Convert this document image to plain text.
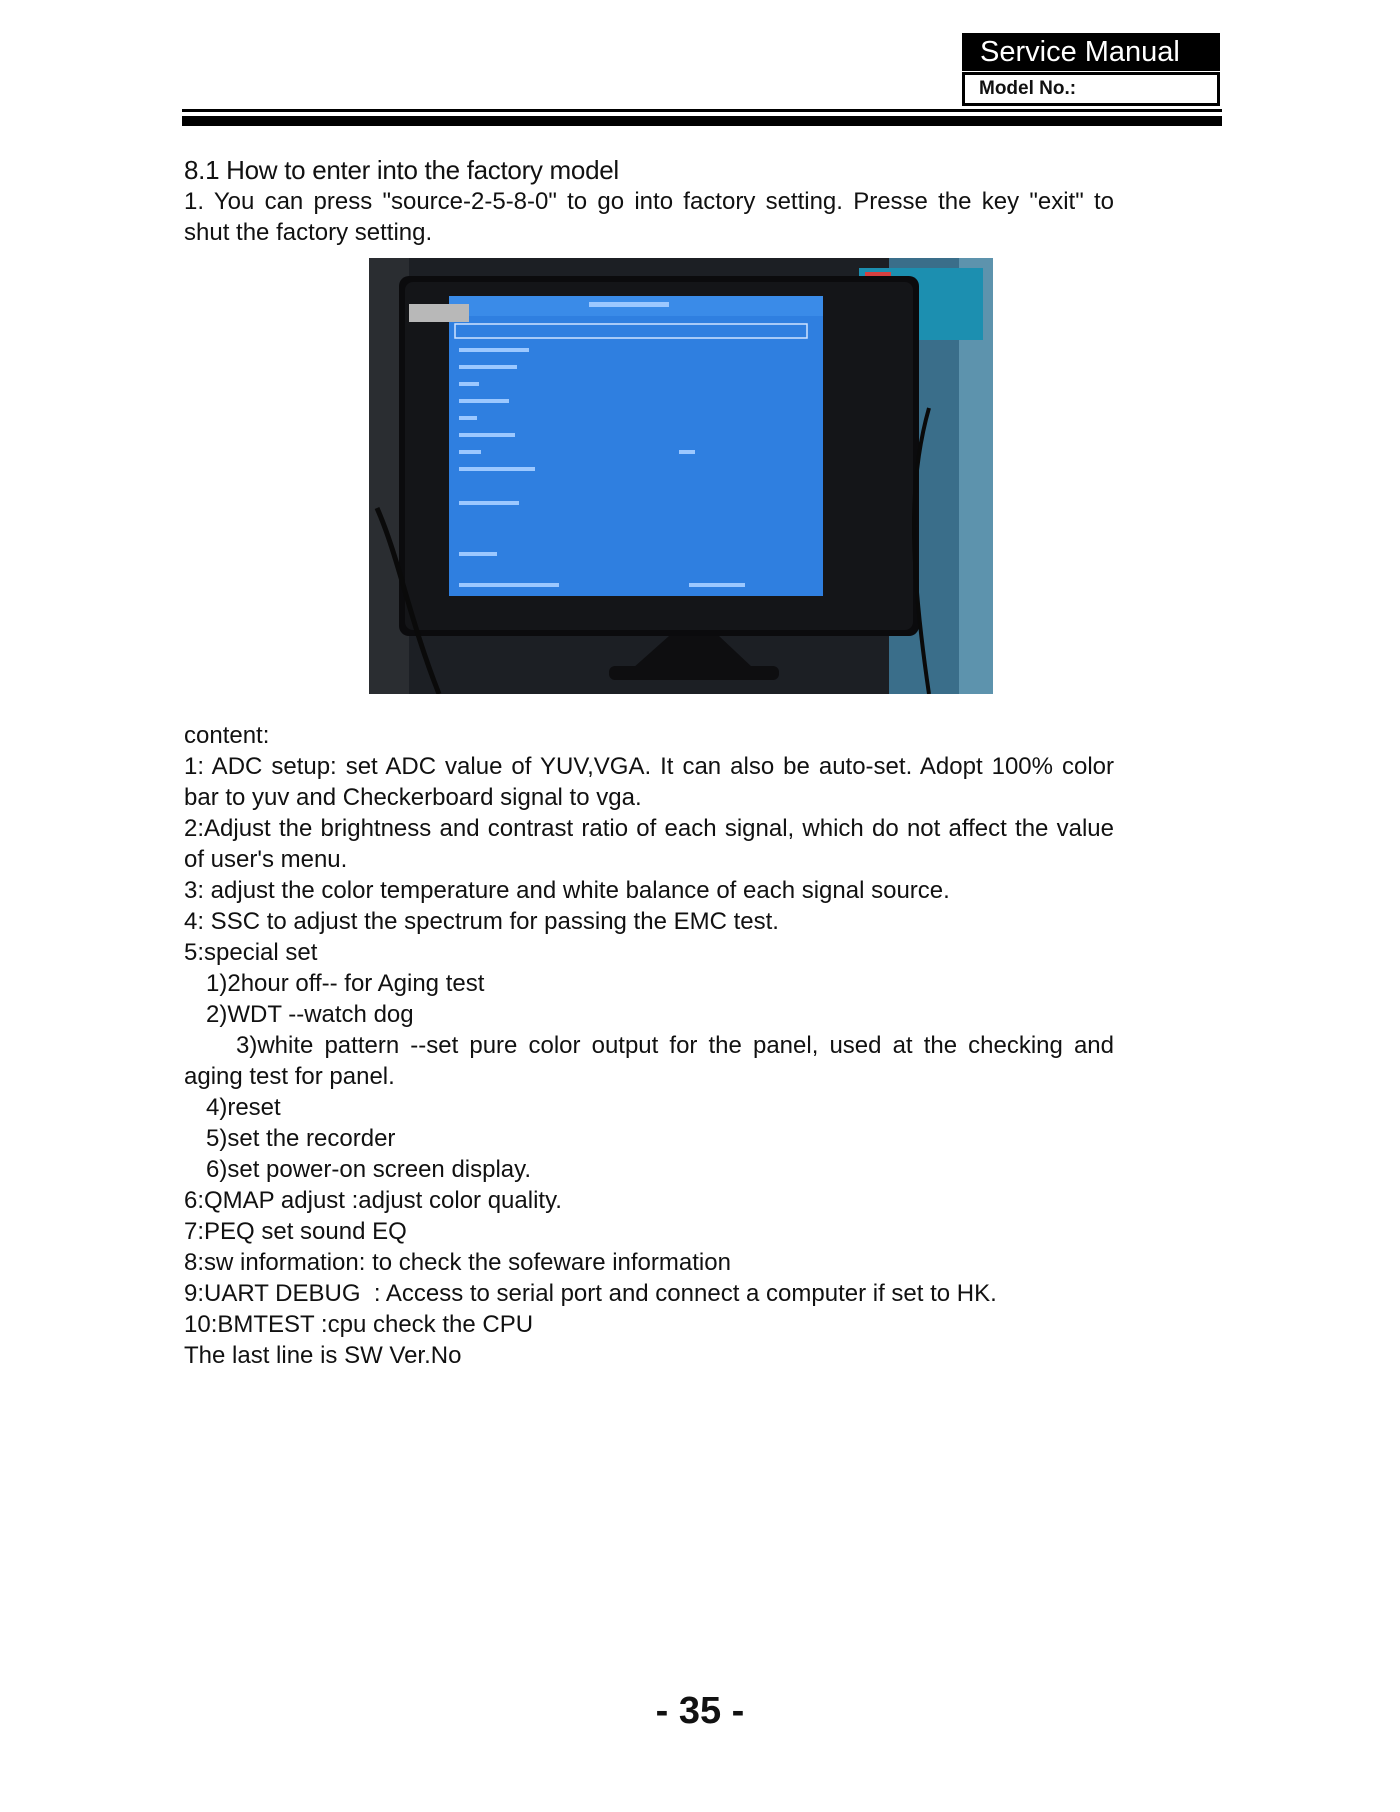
Service Manual
Model No.:
8.1 How to enter into the factory model

1. You can press "source-2-5-8-0" to go into factory setting. Presse the key "exit" to shut the factory setting.

content:

1: ADC setup: set ADC value of YUV,VGA. It can also be auto-set. Adopt 100% color bar to yuv and Checkerboard signal to vga.

2:Adjust the brightness and contrast ratio of each signal, which do not affect the value of user's menu.

3: adjust the color temperature and white balance of each signal source.

4: SSC to adjust the spectrum for passing the EMC test.

5:special set

1)2hour off-- for Aging test

2)WDT --watch dog

3)white pattern --set pure color output for the panel, used at the checking and aging test for panel.

4)reset

5)set the recorder

6)set power-on screen display.

6:QMAP adjust :adjust color quality.

7:PEQ set sound EQ

8:sw information: to check the sofeware information

9:UART DEBUG  : Access to serial port and connect a computer if set to HK.

10:BMTEST :cpu check the CPU

The last line is SW Ver.No

- 35 -
